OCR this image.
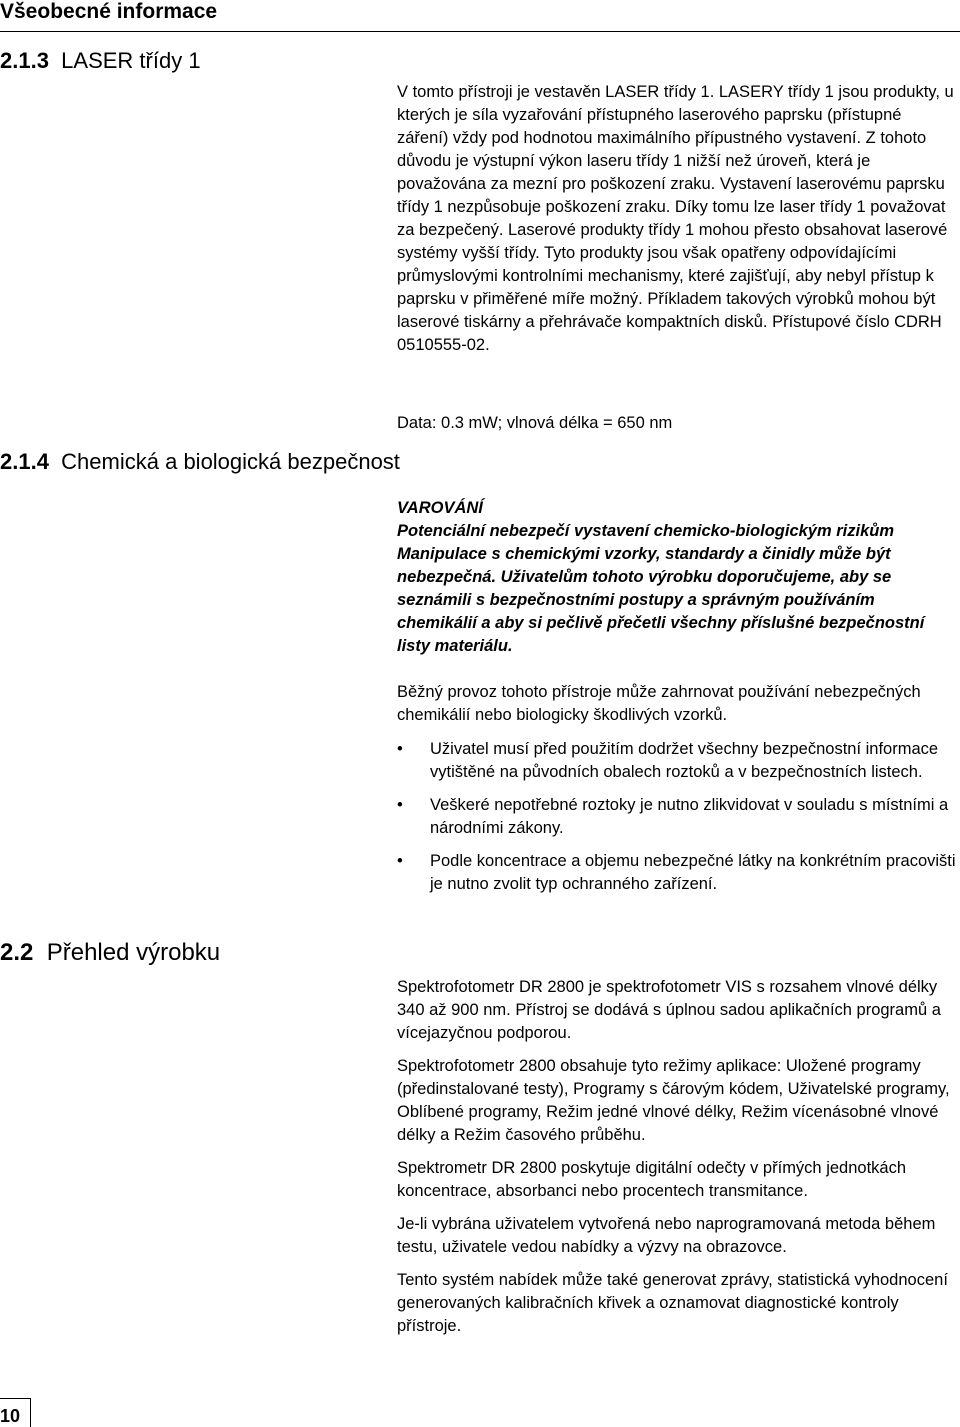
Všeobecné informace
2.1.3 LASER třídy 1

V tomto přístroji je vestavěn LASER třídy 1. LASERY třídy 1 jsou produkty, u kterých je síla vyzařování přístupného laserového paprsku (přístupné záření) vždy pod hodnotou maximálního přípustného vystavení. Z tohoto důvodu je výstupní výkon laseru třídy 1 nižší než úroveň, která je považována za mezní pro poškození zraku. Vystavení laserovému paprsku třídy 1 nezpůsobuje poškození zraku. Díky tomu lze laser třídy 1 považovat za bezpečený. Laserové produkty třídy 1 mohou přesto obsahovat laserové systémy vyšší třídy. Tyto produkty jsou však opatřeny odpovídajícími průmyslovými kontrolními mechanismy, které zajišťují, aby nebyl přístup k paprsku v přiměřené míře možný. Příkladem takových výrobků mohou být laserové tiskárny a přehrávače kompaktních disků. Přístupové číslo CDRH 0510555-02.

Data: 0.3 mW; vlnová délka = 650 nm

2.1.4 Chemická a biologická bezpečnost

VAROVÁNÍ

Potenciální nebezpečí vystavení chemicko-biologickým rizikům Manipulace s chemickými vzorky, standardy a činidly může být nebezpečná. Uživatelům tohoto výrobku doporučujeme, aby se seznámili s bezpečnostními postupy a správným používáním chemikálií a aby si pečlivě přečetli všechny příslušné bezpečnostní listy materiálu.

Běžný provoz tohoto přístroje může zahrnovat používání nebezpečných chemikálií nebo biologicky škodlivých vzorků.

• Uživatel musí před použitím dodržet všechny bezpečnostní informace vytištěné na původních obalech roztoků a v bezpečnostních listech.
• Veškeré nepotřebné roztoky je nutno zlikvidovat v souladu s místními a národními zákony.
• Podle koncentrace a objemu nebezpečné látky na konkrétním pracovišti je nutno zvolit typ ochranného zařízení.
2.2 Přehled výrobku

Spektrofotometr DR 2800 je spektrofotometr VIS s rozsahem vlnové délky 340 až 900 nm. Přístroj se dodává s úplnou sadou aplikačních programů a vícejazyčnou podporou.

Spektrofotometr 2800 obsahuje tyto režimy aplikace: Uložené programy (předinstalované testy), Programy s čárovým kódem, Uživatelské programy, Oblíbené programy, Režim jedné vlnové délky, Režim vícenásobné vlnové délky a Režim časového průběhu.

Spektrometr DR 2800 poskytuje digitální odečty v přímých jednotkách koncentrace, absorbanci nebo procentech transmitance.

Je-li vybrána uživatelem vytvořená nebo naprogramovaná metoda během testu, uživatele vedou nabídky a výzvy na obrazovce.

Tento systém nabídek může také generovat zprávy, statistická vyhodnocení generovaných kalibračních křivek a oznamovat diagnostické kontroly přístroje.

10
